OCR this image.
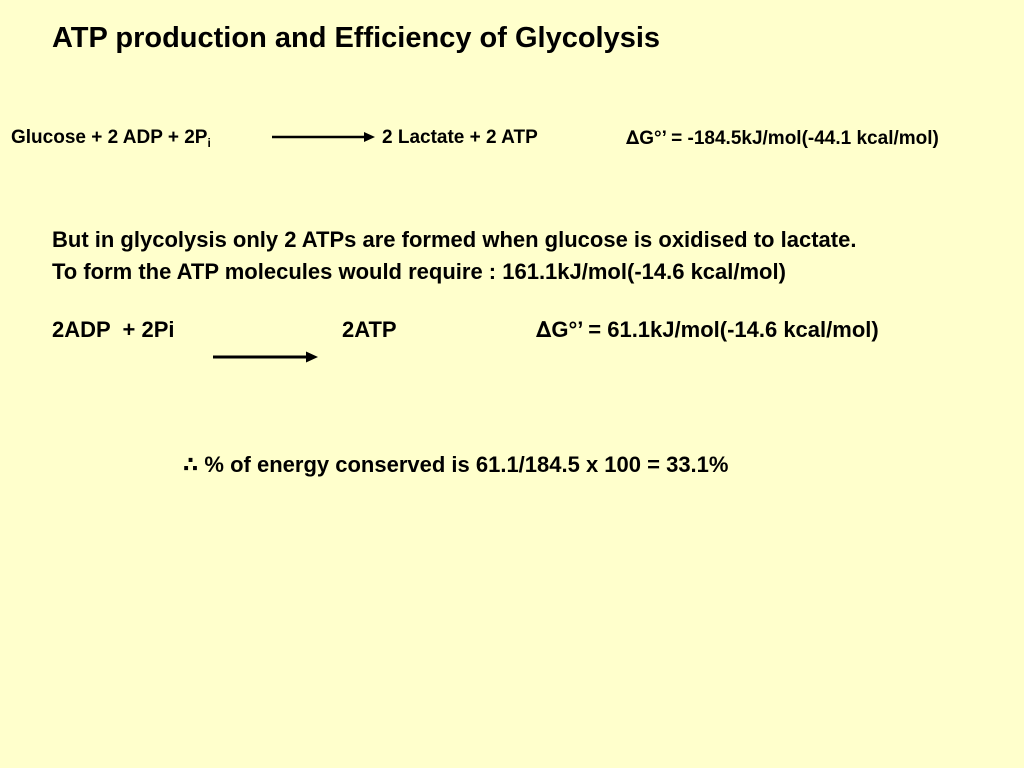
ATP production and Efficiency of Glycolysis
Glucose + 2 ADP + $2P_i$	2 Lactate + 2 ATP	∆G°’ = -184.5kJ/mol(-44.1 kcal/mol)
But in glycolysis only 2 ATPs are formed when glucose is oxidised to lactate.
To form the ATP molecules would require : 161.1kJ/mol(-14.6 kcal/mol)
2ADP  + 2Pi	2ATP	∆G°’ = 61.1kJ/mol(-14.6 kcal/mol)
∴ % of energy conserved is 61.1/184.5 x 100 = 33.1%
